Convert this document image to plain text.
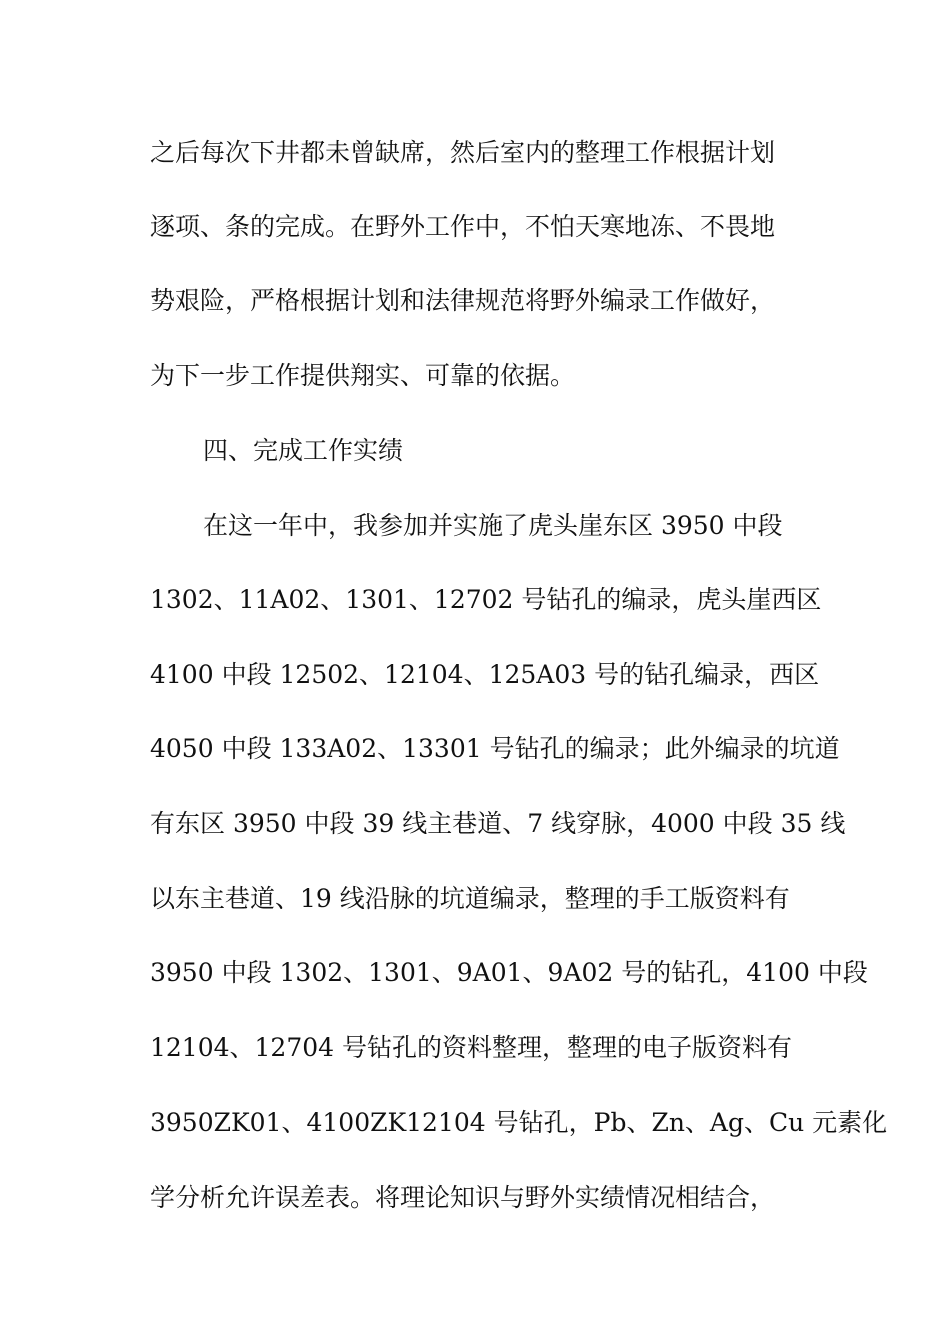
之后每次下井都未曾缺席，然后室内的整理工作根据计划
逐项、条的完成。在野外工作中，不怕天寒地冻、不畏地
势艰险，严格根据计划和法律规范将野外编录工作做好，
为下一步工作提供翔实、可靠的依据。
四、完成工作实绩
在这一年中，我参加并实施了虎头崖东区 3950 中段
1302、11A02、1301、12702 号钻孔的编录，虎头崖西区
4100 中段 12502、12104、125A03 号的钻孔编录，西区
4050 中段 133A02、13301 号钻孔的编录；此外编录的坑道
有东区 3950 中段 39 线主巷道、7 线穿脉，4000 中段 35 线
以东主巷道、19 线沿脉的坑道编录，整理的手工版资料有
3950 中段 1302、1301、9A01、9A02 号的钻孔，4100 中段
12104、12704 号钻孔的资料整理，整理的电子版资料有
3950ZK01、4100ZK12104 号钻孔，Pb、Zn、Ag、Cu 元素化
学分析允许误差表。将理论知识与野外实绩情况相结合，
